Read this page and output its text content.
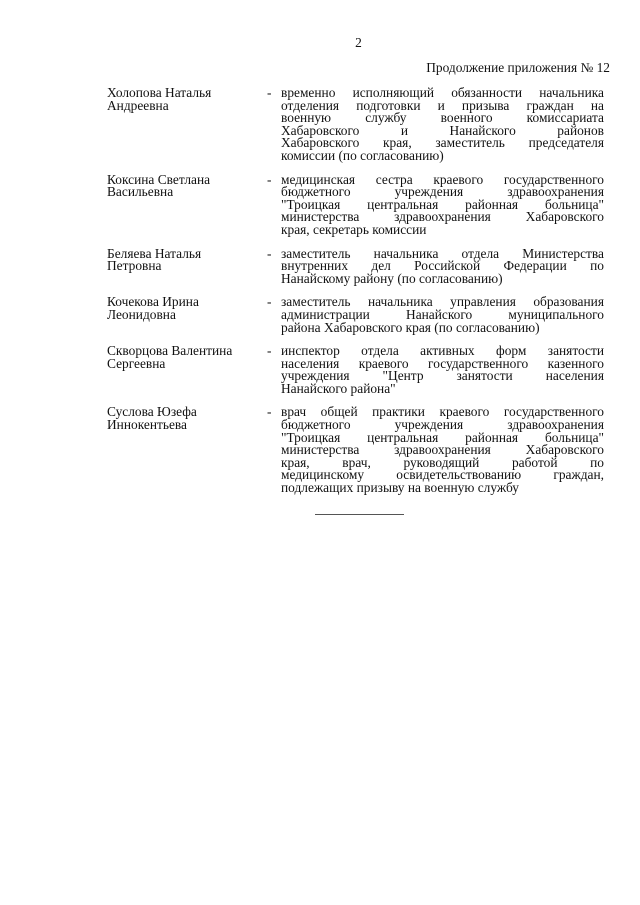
2
Продолжение приложения № 12
Холопова Наталья
Андреевна
- временно исполняющий обязанности начальника
отделения подготовки и призыва граждан на
военную службу военного комиссариата
Хабаровского и Нанайского районов
Хабаровского края, заместитель председателя
комиссии (по согласованию)
Коксина Светлана
Васильевна
- медицинская сестра краевого государственного
бюджетного учреждения здравоохранения
"Троицкая центральная районная больница"
министерства здравоохранения Хабаровского
края, секретарь комиссии
Беляева Наталья
Петровна
- заместитель начальника отдела Министерства
внутренних дел Российской Федерации по
Нанайскому району (по согласованию)
Кочекова Ирина
Леонидовна
- заместитель начальника управления образования
администрации Нанайского муниципального
района Хабаровского края (по согласованию)
Скворцова Валентина
Сергеевна
- инспектор отдела активных форм занятости
населения краевого государственного казенного
учреждения "Центр занятости населения
Нанайского района"
Суслова Юзефа
Иннокентьева
- врач общей практики краевого государственного
бюджетного учреждения здравоохранения
"Троицкая центральная районная больница"
министерства здравоохранения Хабаровского
края, врач, руководящий работой по
медицинскому освидетельствованию граждан,
подлежащих призыву на военную службу
